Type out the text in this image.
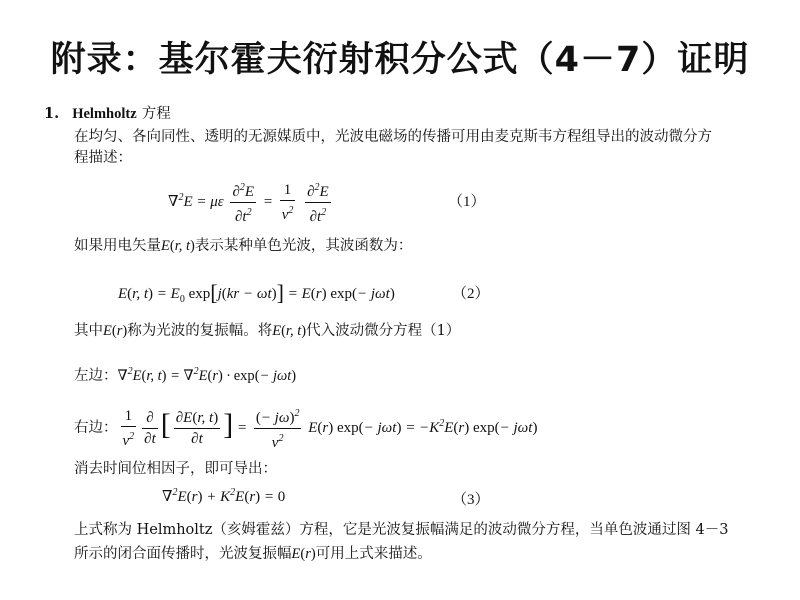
附录：基尔霍夫衍射积分公式（4－7）证明
1. Helmholtz 方程
在均匀、各向同性、透明的无源媒质中，光波电磁场的传播可用由麦克斯韦方程组导出的波动微分方
程描述：
∇$^2$E = με $\frac{\partial^2E}{\partial t^2} = \frac{1}{v^2}$
$\frac{\partial^2E}{\partial t^2}$	（1）
如果用电矢量E(r, t)表示某种单色光波，其波函数为：
E(r, $t) = E_0$ exp[j(kr − ωt)] = E(r) exp(− jωt)	（2）
其中E(r)称为光波的复振幅。将E(r, t)代入波动微分方程（1）
左边：∇$^2$E(r, t) = ∇$^2$E(r) · exp(− jωt)
右边： $\frac{1}{v^2} \frac{\partial}{\partial t}$ [ $\frac{\partial E(r, t)}{\partial t}$ ] = $\frac{(- j\omega)^2}{v^2} E(r)$ $\exp(- j\omega t) = -K^2E(r)$ exp(− jωt)
消去时间位相因子，即可导出：
$\nabla^2E(r) + K^2E(r) = 0$	（3）
上式称为 Helmholtz（亥姆霍兹）方程，它是光波复振幅满足的波动微分方程，当单色波通过图 4－3
所示的闭合面传播时，光波复振幅E(r)可用上式来描述。
